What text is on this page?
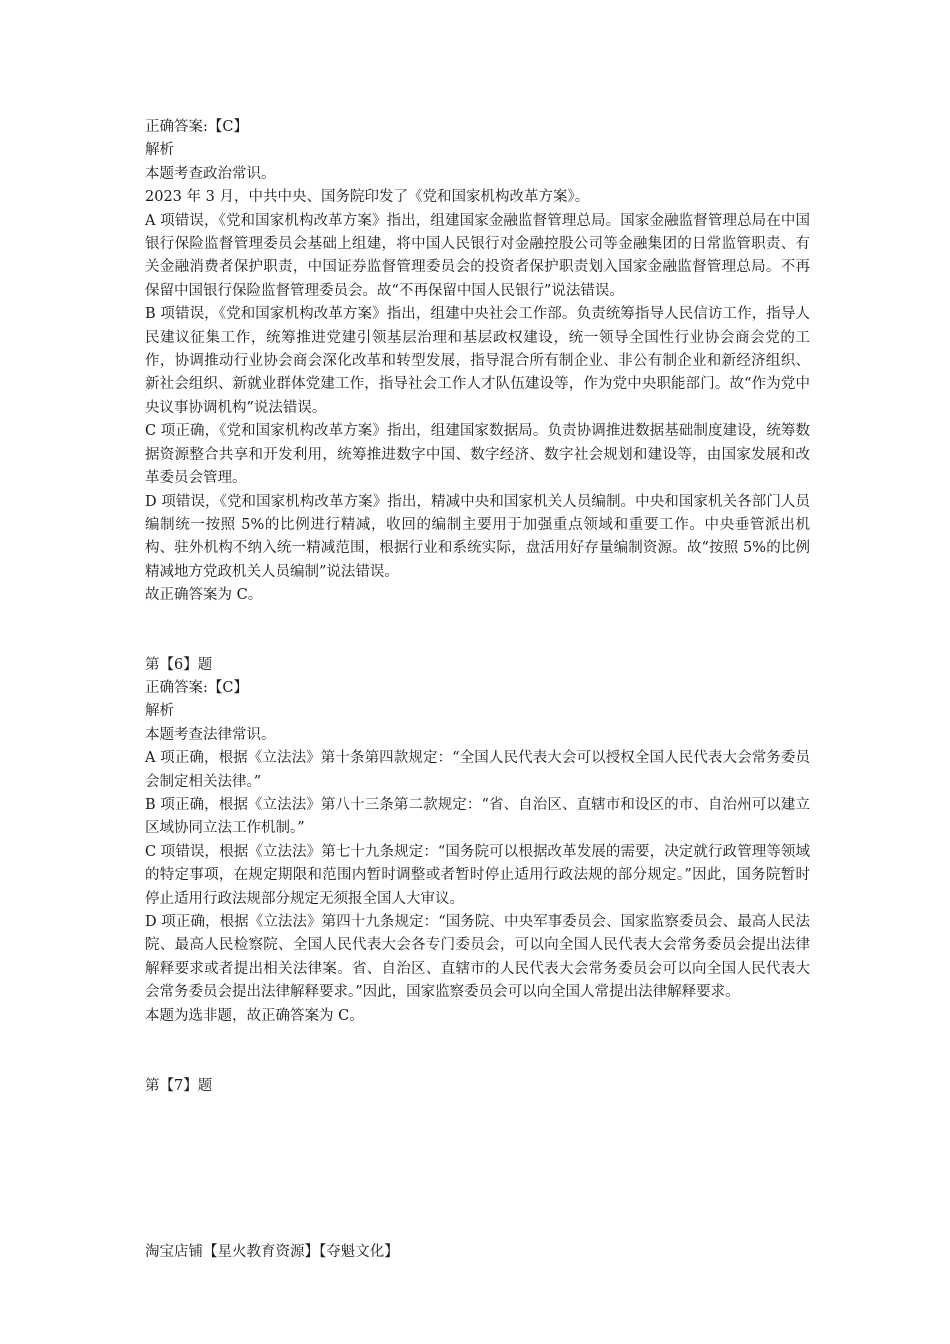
正确答案:【C】

解析

本题考查政治常识。

2023 年 3 月，中共中央、国务院印发了《党和国家机构改革方案》。

A 项错误，《党和国家机构改革方案》指出，组建国家金融监督管理总局。国家金融监督管理总局在中国银行保险监督管理委员会基础上组建，将中国人民银行对金融控股公司等金融集团的日常监管职责、有关金融消费者保护职责，中国证券监督管理委员会的投资者保护职责划入国家金融监督管理总局。不再保留中国银行保险监督管理委员会。故“不再保留中国人民银行”说法错误。

B 项错误，《党和国家机构改革方案》指出，组建中央社会工作部。负责统筹指导人民信访工作，指导人民建议征集工作，统筹推进党建引领基层治理和基层政权建设，统一领导全国性行业协会商会党的工作，协调推动行业协会商会深化改革和转型发展，指导混合所有制企业、非公有制企业和新经济组织、新社会组织、新就业群体党建工作，指导社会工作人才队伍建设等，作为党中央职能部门。故“作为党中央议事协调机构”说法错误。

C 项正确，《党和国家机构改革方案》指出，组建国家数据局。负责协调推进数据基础制度建设，统筹数据资源整合共享和开发利用，统筹推进数字中国、数字经济、数字社会规划和建设等，由国家发展和改革委员会管理。

D 项错误，《党和国家机构改革方案》指出，精减中央和国家机关人员编制。中央和国家机关各部门人员编制统一按照 5%的比例进行精减，收回的编制主要用于加强重点领域和重要工作。中央垂管派出机构、驻外机构不纳入统一精减范围，根据行业和系统实际，盘活用好存量编制资源。故“按照 5%的比例精减地方党政机关人员编制”说法错误。

故正确答案为 C。

第【6】题

正确答案:【C】

解析

本题考查法律常识。

A 项正确，根据《立法法》第十条第四款规定：“全国人民代表大会可以授权全国人民代表大会常务委员会制定相关法律。”

B 项正确，根据《立法法》第八十三条第二款规定：“省、自治区、直辖市和设区的市、自治州可以建立区域协同立法工作机制。”

C 项错误，根据《立法法》第七十九条规定：“国务院可以根据改革发展的需要，决定就行政管理等领域的特定事项，在规定期限和范围内暂时调整或者暂时停止适用行政法规的部分规定。”因此，国务院暂时停止适用行政法规部分规定无须报全国人大审议。

D 项正确，根据《立法法》第四十九条规定：“国务院、中央军事委员会、国家监察委员会、最高人民法院、最高人民检察院、全国人民代表大会各专门委员会，可以向全国人民代表大会常务委员会提出法律解释要求或者提出相关法律案。省、自治区、直辖市的人民代表大会常务委员会可以向全国人民代表大会常务委员会提出法律解释要求。”因此，国家监察委员会可以向全国人常提出法律解释要求。

本题为选非题，故正确答案为 C。

第【7】题

淘宝店铺【星火教育资源】【夺魁文化】
